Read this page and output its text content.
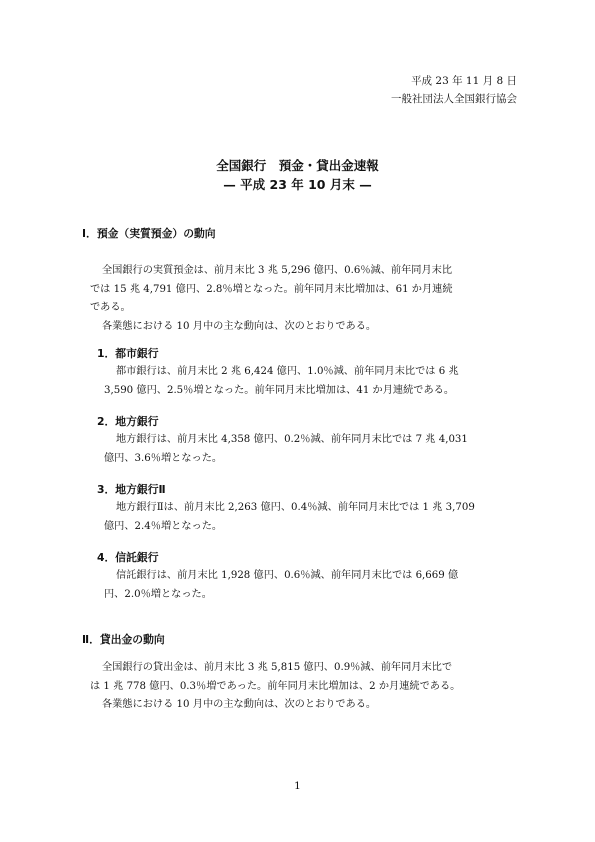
平成 23 年 11 月 8 日
一般社団法人全国銀行協会
全国銀行　預金・貸出金速報
— 平成 23 年 10 月末 —
Ⅰ．預金（実質預金）の動向
全国銀行の実質預金は、前月末比 3 兆 5,296 億円、0.6％減、前年同月末比
では 15 兆 4,791 億円、2.8％増となった。前年同月末比増加は、61 か月連続
である。
各業態における 10 月中の主な動向は、次のとおりである。
1．都市銀行
都市銀行は、前月末比 2 兆 6,424 億円、1.0％減、前年同月末比では 6 兆
3,590 億円、2.5％増となった。前年同月末比増加は、41 か月連続である。
2．地方銀行
地方銀行は、前月末比 4,358 億円、0.2％減、前年同月末比では 7 兆 4,031
億円、3.6％増となった。
3．地方銀行Ⅱ
地方銀行Ⅱは、前月末比 2,263 億円、0.4％減、前年同月末比では 1 兆 3,709
億円、2.4％増となった。
4．信託銀行
信託銀行は、前月末比 1,928 億円、0.6％減、前年同月末比では 6,669 億
円、2.0％増となった。
Ⅱ．貸出金の動向
全国銀行の貸出金は、前月末比 3 兆 5,815 億円、0.9％減、前年同月末比で
は 1 兆 778 億円、0.3％増であった。前年同月末比増加は、2 か月連続である。
各業態における 10 月中の主な動向は、次のとおりである。
1
